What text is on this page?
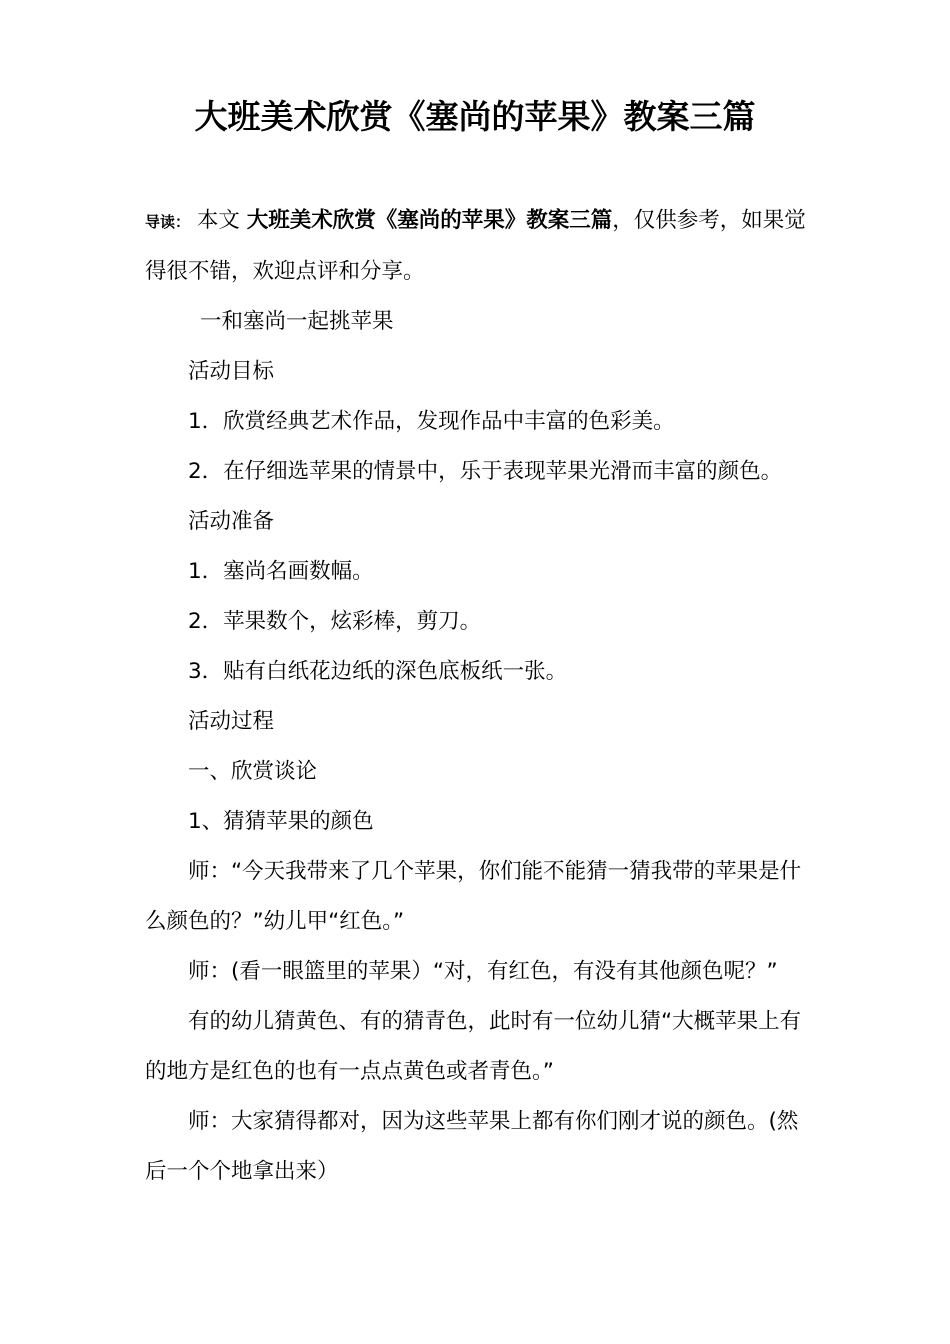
大班美术欣赏《塞尚的苹果》教案三篇

导读： 本文 大班美术欣赏《塞尚的苹果》教案三篇，仅供参考，如果觉得很不错，欢迎点评和分享。

一和塞尚一起挑苹果

活动目标

1．欣赏经典艺术作品，发现作品中丰富的色彩美。

2．在仔细选苹果的情景中，乐于表现苹果光滑而丰富的颜色。

活动准备

1．塞尚名画数幅。

2．苹果数个，炫彩棒，剪刀。

3．贴有白纸花边纸的深色底板纸一张。

活动过程

一、欣赏谈论

1、猜猜苹果的颜色

师：“今天我带来了几个苹果，你们能不能猜一猜我带的苹果是什么颜色的？”幼儿甲“红色。”

师：(看一眼篮里的苹果）“对，有红色，有没有其他颜色呢？”

有的幼儿猜黄色、有的猜青色，此时有一位幼儿猜“大概苹果上有的地方是红色的也有一点点黄色或者青色。”

师：大家猜得都对，因为这些苹果上都有你们刚才说的颜色。(然后一个个地拿出来）
